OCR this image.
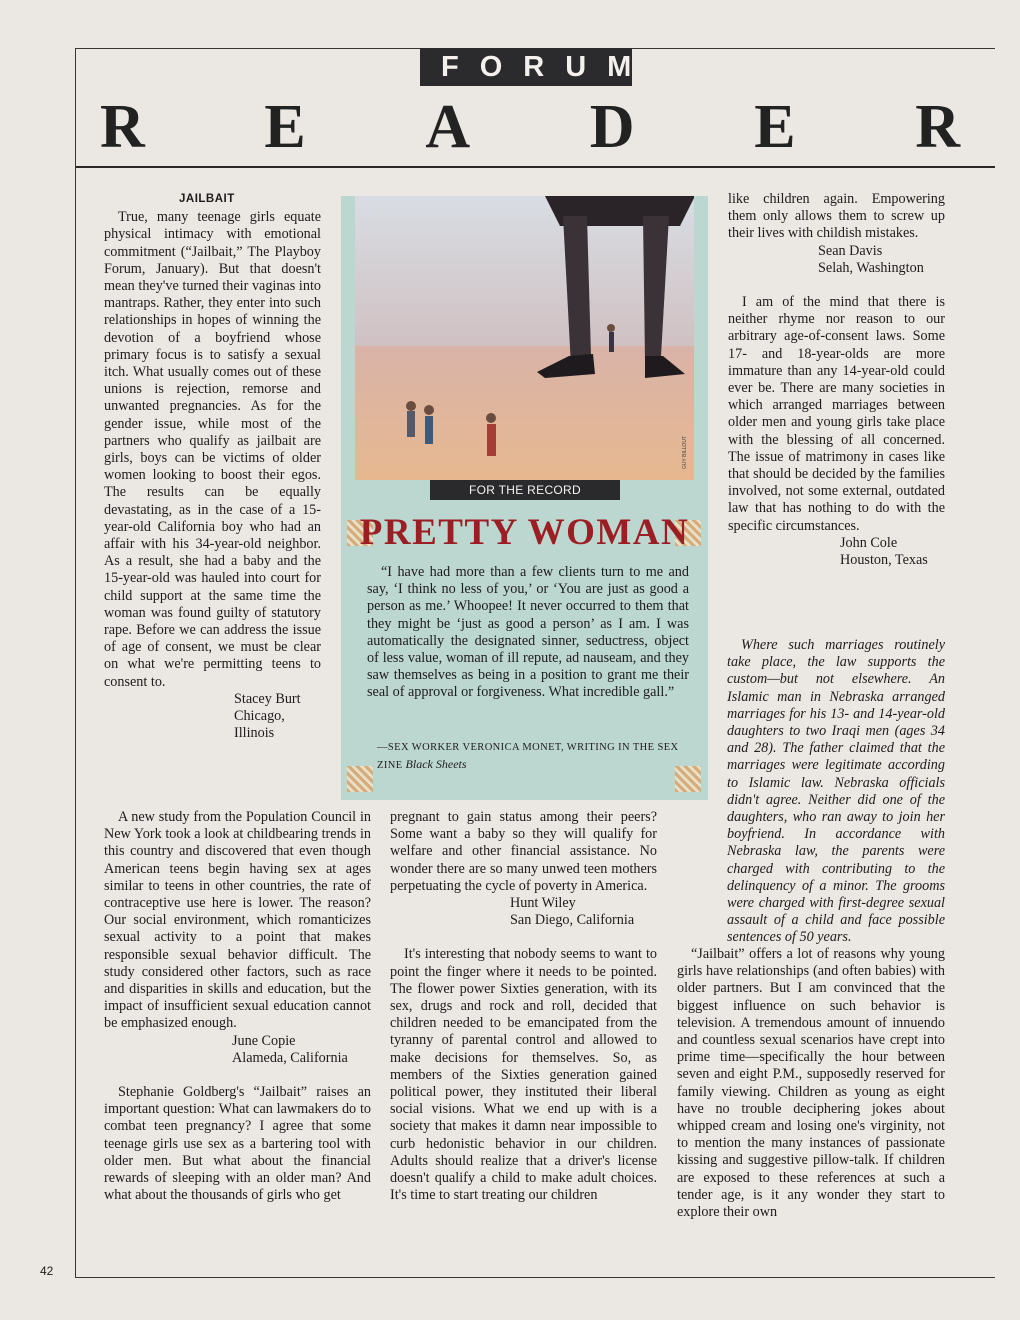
FORUM
R E A D E R

JAILBAIT

True, many teenage girls equate physical intimacy with emotional commitment (“Jailbait,” The Playboy Forum, January). But that doesn't mean they've turned their vaginas into mantraps. Rather, they enter into such relationships in hopes of winning the devotion of a boyfriend whose primary focus is to satisfy a sexual itch. What usually comes out of these unions is rejection, remorse and unwanted pregnancies. As for the gender issue, while most of the partners who qualify as jailbait are girls, boys can be victims of older women looking to boost their egos. The results can be equally devastating, as in the case of a 15-year-old California boy who had an affair with his 34-year-old neighbor. As a result, she had a baby and the 15-year-old was hauled into court for child support at the same time the woman was found guilty of statutory rape. Before we can address the issue of age of consent, we must be clear on what we're permitting teens to consent to.

Stacey Burt

Chicago, Illinois

A new study from the Population Council in New York took a look at childbearing trends in this country and discovered that even though American teens begin having sex at ages similar to teens in other countries, the rate of contraceptive use here is lower. The reason? Our social environment, which romanticizes sexual activity to a point that makes responsible sexual behavior difficult. The study considered other factors, such as race and disparities in skills and education, but the impact of insufficient sexual education cannot be emphasized enough.

June Copie

Alameda, California

Stephanie Goldberg's “Jailbait” raises an important question: What can lawmakers do to combat teen pregnancy? I agree that some teenage girls use sex as a bartering tool with older men. But what about the financial rewards of sleeping with an older man? And what about the thousands of girls who get

pregnant to gain status among their peers? Some want a baby so they will qualify for welfare and other financial assistance. No wonder there are so many unwed teen mothers perpetuating the cycle of poverty in America.

Hunt Wiley

San Diego, California

It's interesting that nobody seems to want to point the finger where it needs to be pointed. The flower power Sixties generation, with its sex, drugs and rock and roll, decided that children needed to be emancipated from the tyranny of parental control and allowed to make decisions for themselves. So, as members of the Sixties generation gained political power, they instituted their liberal social visions. What we end up with is a society that makes it damn near impossible to curb hedonistic behavior in our children. Adults should realize that a driver's license doesn't qualify a child to make adult choices. It's time to start treating our children

like children again. Empowering them only allows them to screw up their lives with childish mistakes.

Sean Davis

Selah, Washington

I am of the mind that there is neither rhyme nor reason to our arbitrary age-of-consent laws. Some 17- and 18-year-olds are more immature than any 14-year-old could ever be. There are many societies in which arranged marriages between older men and young girls take place with the blessing of all concerned. The issue of matrimony in cases like that should be decided by the families involved, not some external, outdated law that has nothing to do with the specific circumstances.

John Cole

Houston, Texas

Where such marriages routinely take place, the law supports the custom—but not elsewhere. An Islamic man in Nebraska arranged marriages for his 13- and 14-year-old daughters to two Iraqi men (ages 34 and 28). The father claimed that the marriages were legitimate according to Islamic law. Nebraska officials didn't agree. Neither did one of the daughters, who ran away to join her boyfriend. In accordance with Nebraska law, the parents were charged with contributing to the delinquency of a minor. The grooms were charged with first-degree sexual assault of a child and face possible sentences of 50 years.

GUY BILLOUT
FOR THE RECORD
PRETTY WOMAN
“I have had more than a few clients turn to me and say, ‘I think no less of you,’ or ‘You are just as good a person as me.’ Whoopee! It never occurred to them that they might be ‘just as good a person’ as I am. I was automatically the designated sinner, seductress, object of less value, woman of ill repute, ad nauseam, and they saw themselves as being in a position to grant me their seal of approval or forgiveness. What incredible gall.”
—SEX WORKER VERONICA MONET, WRITING IN THE SEX ZINE Black Sheets

“Jailbait” offers a lot of reasons why young girls have relationships (and often babies) with older partners. But I am convinced that the biggest influence on such behavior is television. A tremendous amount of innuendo and countless sexual scenarios have crept into prime time—specifically the hour between seven and eight P.M., supposedly reserved for family viewing. Children as young as eight have no trouble deciphering jokes about whipped cream and losing one's virginity, not to mention the many instances of passionate kissing and suggestive pillow-talk. If children are exposed to these references at such a tender age, is it any wonder they start to explore their own

42
